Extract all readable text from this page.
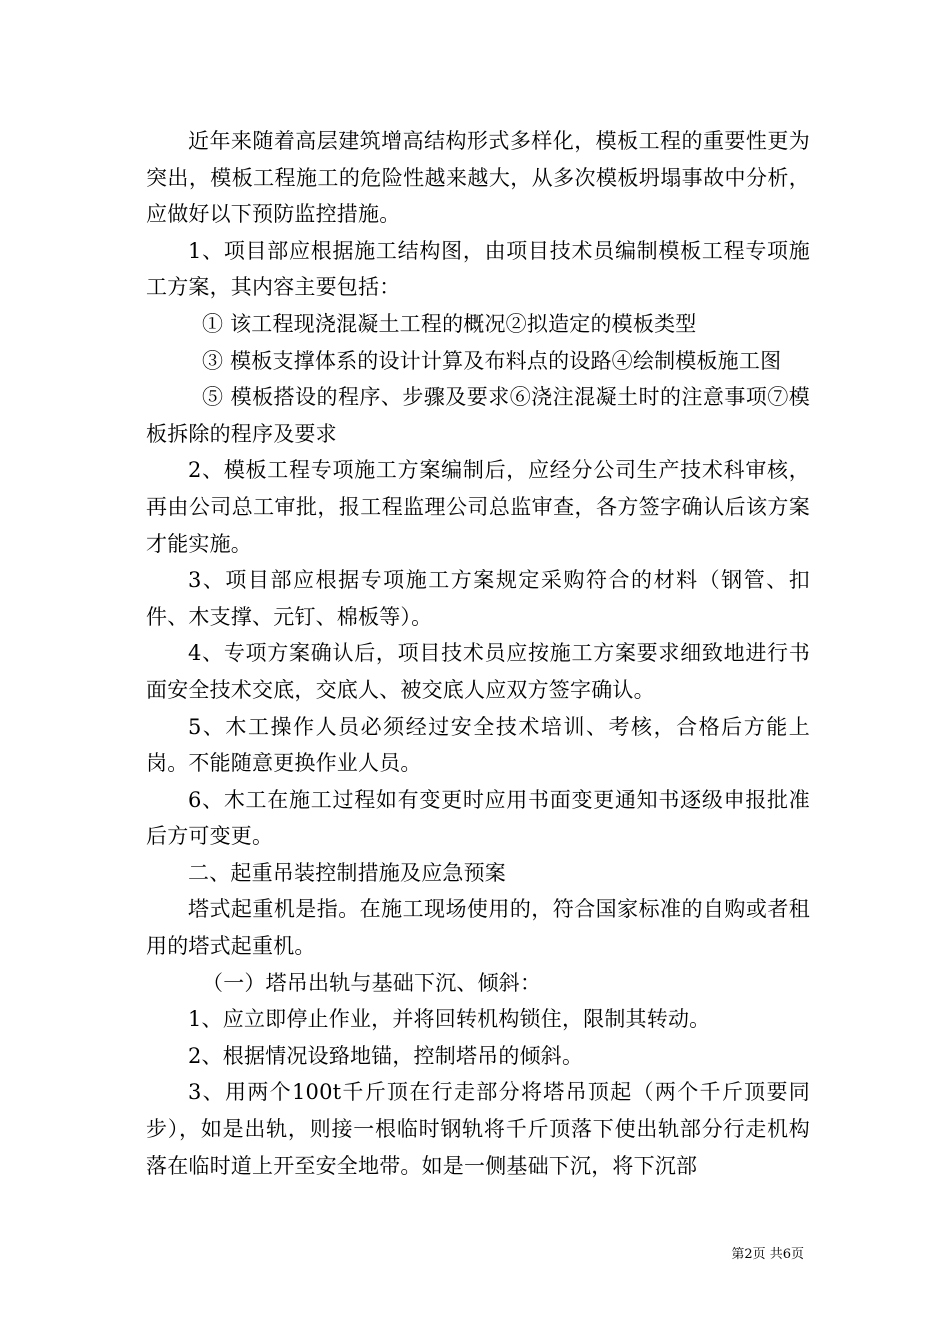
近年来随着高层建筑增高结构形式多样化，模板工程的重要性更为突出，模板工程施工的危险性越来越大，从多次模板坍塌事故中分析，应做好以下预防监控措施。

1、项目部应根据施工结构图，由项目技术员编制模板工程专项施工方案，其内容主要包括：

① 该工程现浇混凝土工程的概况②拟造定的模板类型

③ 模板支撑体系的设计计算及布料点的设路④绘制模板施工图

⑤ 模板搭设的程序、步骤及要求⑥浇注混凝土时的注意事项⑦模板拆除的程序及要求

2、模板工程专项施工方案编制后，应经分公司生产技术科审核，再由公司总工审批，报工程监理公司总监审查，各方签字确认后该方案才能实施。

3、项目部应根据专项施工方案规定采购符合的材料（钢管、扣件、木支撑、元钉、棉板等）。

4、专项方案确认后，项目技术员应按施工方案要求细致地进行书面安全技术交底，交底人、被交底人应双方签字确认。

5、木工操作人员必须经过安全技术培训、考核，合格后方能上岗。不能随意更换作业人员。

6、木工在施工过程如有变更时应用书面变更通知书逐级申报批准后方可变更。

二、起重吊装控制措施及应急预案

塔式起重机是指。在施工现场使用的，符合国家标准的自购或者租用的塔式起重机。

（一）塔吊出轨与基础下沉、倾斜：

1、应立即停止作业，并将回转机构锁住，限制其转动。

2、根据情况设臵地锚，控制塔吊的倾斜。

3、用两个100t千斤顶在行走部分将塔吊顶起（两个千斤顶要同步），如是出轨，则接一根临时钢轨将千斤顶落下使出轨部分行走机构落在临时道上开至安全地带。如是一侧基础下沉，将下沉部

第2页 共6页
